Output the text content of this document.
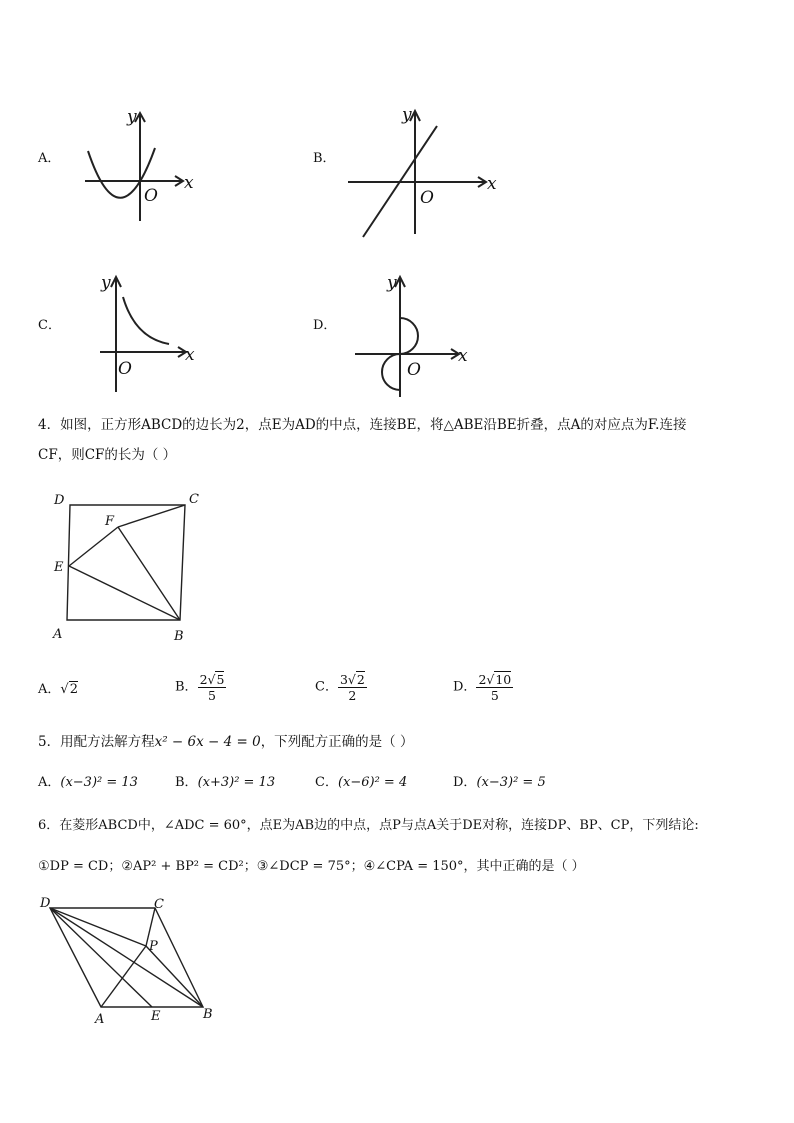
A．
x
y
O
B．
x
y
O
C．
x
y
O
D．
x
y
O
4．如图，正方形ABCD的边长为2，点E为AD的中点，连接BE，将△ABE沿BE折叠，点A的对应点为F.连接
CF，则CF的长为（ ）
D	C
F
E
A	B
A．√2	B． $\frac{2√5}{5}$	C． $\frac{3√2}{2}$	D． $\frac{2√10}{5}$
5．用配方法解方程x² − 6x − 4 = 0，下列配方正确的是（ ）
A．(x−3)² = 13	B．(x+3)² = 13	C．(x−6)² = 4	D．(x−3)² = 5
6．在菱形ABCD中，∠ADC = 60°，点E为AB边的中点，点P与点A关于DE对称，连接DP、BP、CP，下列结论:
①DP = CD；②AP² + BP² = CD²；③∠DCP = 75°；④∠CPA = 150°，其中正确的是（ ）
D	C
P
A	E	B
